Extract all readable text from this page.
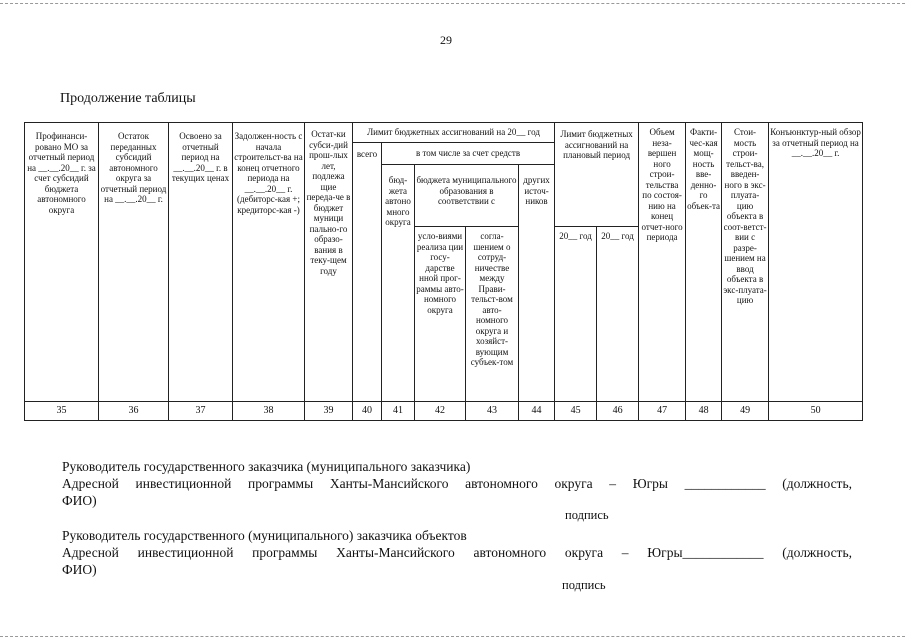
29
Продолжение таблицы
Профинанси-рованo МО за отчетный период на __.__.20__ г. за счет субсидий бюджета автономного округа	Остаток переданных субсидий автономного округа за отчетный период на __.__.20__ г.	Освоено за отчетный период на __.__.20__ г. в текущих ценах	Задолжен-ность с начала строительст-ва на конец отчетного периода на __.__.20__ г. (дебиторс-кая +; кредиторс-кая -)	Остат-ки субси-дий прош-лых лет, подлежа щие переда-че в бюджет муници пально-го образо-вания в теку-щем году	Лимит бюджетных ассигнований на 20__ год					Лимит бюджетных ассигнований на плановый период		Объем неза-вершен ного строи-тельства по состоя-нию на конец отчет-ного периода	Факти-чес-кая мощ-ность вве-денно-го объек-та	Стои-мость строи-тельст-ва, введен-ного в экс-плуата-цию объекта в соот-ветст-вии с разре-шением на ввод объекта в экс-плуата-цию	Конъюнктур-ный обзор за отчетный период на __.__.20__ г.
					всего	в том числе за счет средств									
						бюд-жета автоно много округа	бюджета муниципального образования в соответствии с		других источ-ников						
							усло-виями реализа ции госу-дарстве нной прог-раммы авто-номного округа	согла-шением о сотруд-ничестве между Прави-тельст-вом авто-номного округа и хозяйст-вующим субъек-том		20__ год	20__ год				
35	36	37	38	39	40	41	42	43	44	45	46	47	48	49	50
Руководитель государственного заказчика (муниципального заказчика)
Адресной инвестиционной программы Ханты-Мансийского автономного округа – Югры ____________ (должность,
ФИО)
подпись
Руководитель государственного (муниципального) заказчика объектов
Адресной инвестиционной программы Ханты-Мансийского автономного округа – Югры____________ (должность,
ФИО)
подпись
